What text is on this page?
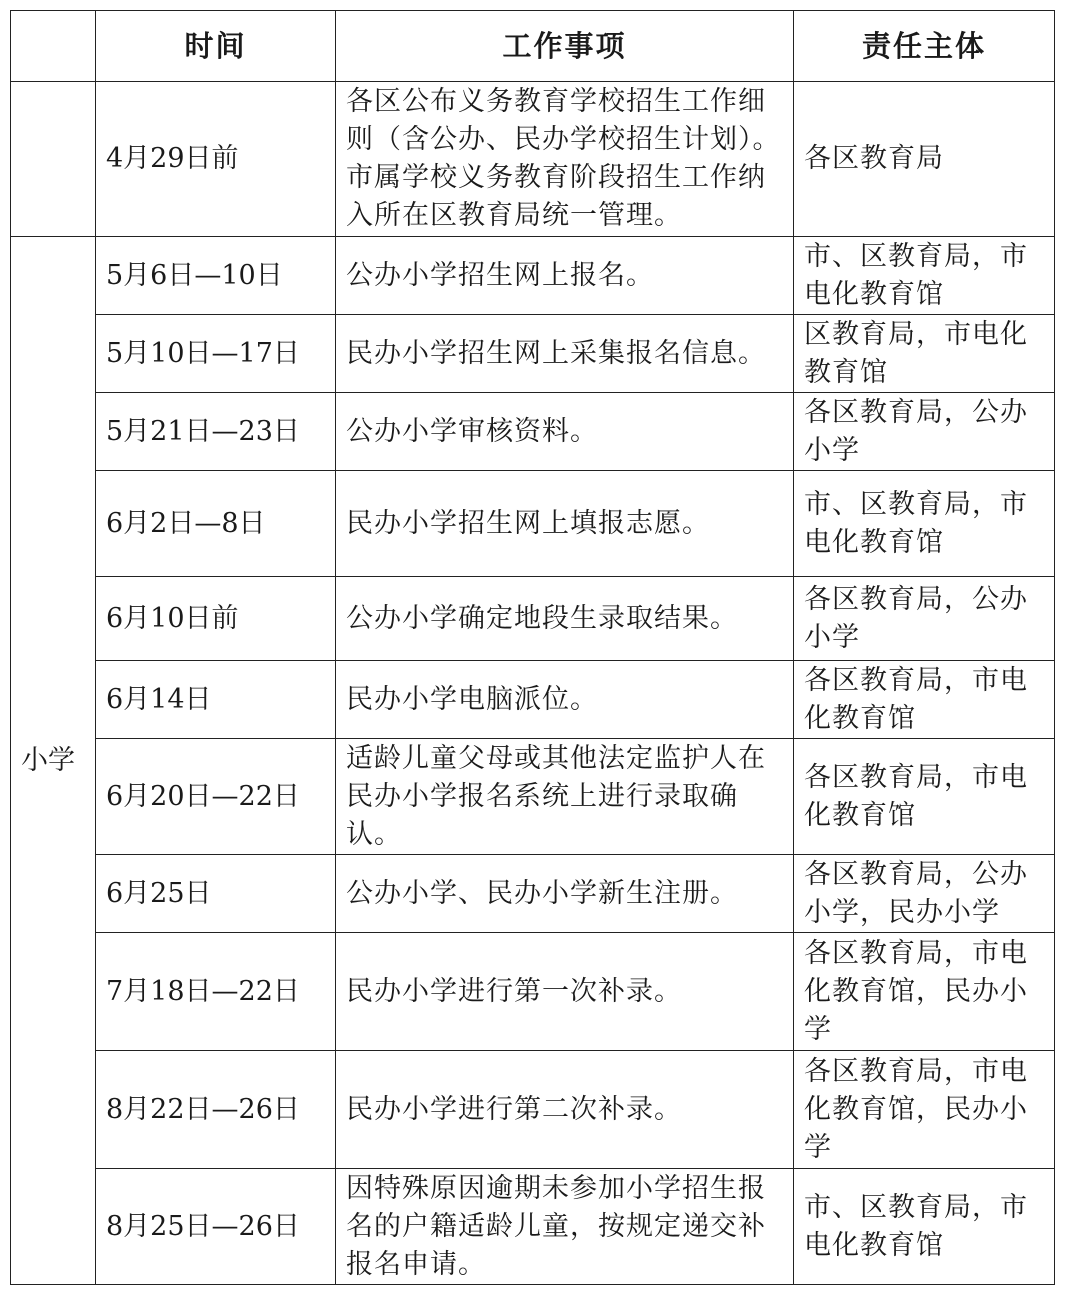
	时间	工作事项	责任主体
	4月29日前	各区公布义务教育学校招生工作细则（含公办、民办学校招生计划）。市属学校义务教育阶段招生工作纳入所在区教育局统一管理。	各区教育局
小学	5月6日—10日	公办小学招生网上报名。	市、区教育局，市电化教育馆
	5月10日—17日	民办小学招生网上采集报名信息。	区教育局，市电化教育馆
	5月21日—23日	公办小学审核资料。	各区教育局，公办小学
	6月2日—8日	民办小学招生网上填报志愿。	市、区教育局，市电化教育馆
	6月10日前	公办小学确定地段生录取结果。	各区教育局，公办小学
	6月14日	民办小学电脑派位。	各区教育局，市电化教育馆
	6月20日—22日	适龄儿童父母或其他法定监护人在民办小学报名系统上进行录取确认。	各区教育局，市电化教育馆
	6月25日	公办小学、民办小学新生注册。	各区教育局，公办小学，民办小学
	7月18日—22日	民办小学进行第一次补录。	各区教育局，市电化教育馆，民办小学
	8月22日—26日	民办小学进行第二次补录。	各区教育局，市电化教育馆，民办小学
	8月25日—26日	因特殊原因逾期未参加小学招生报名的户籍适龄儿童，按规定递交补报名申请。	市、区教育局，市电化教育馆
